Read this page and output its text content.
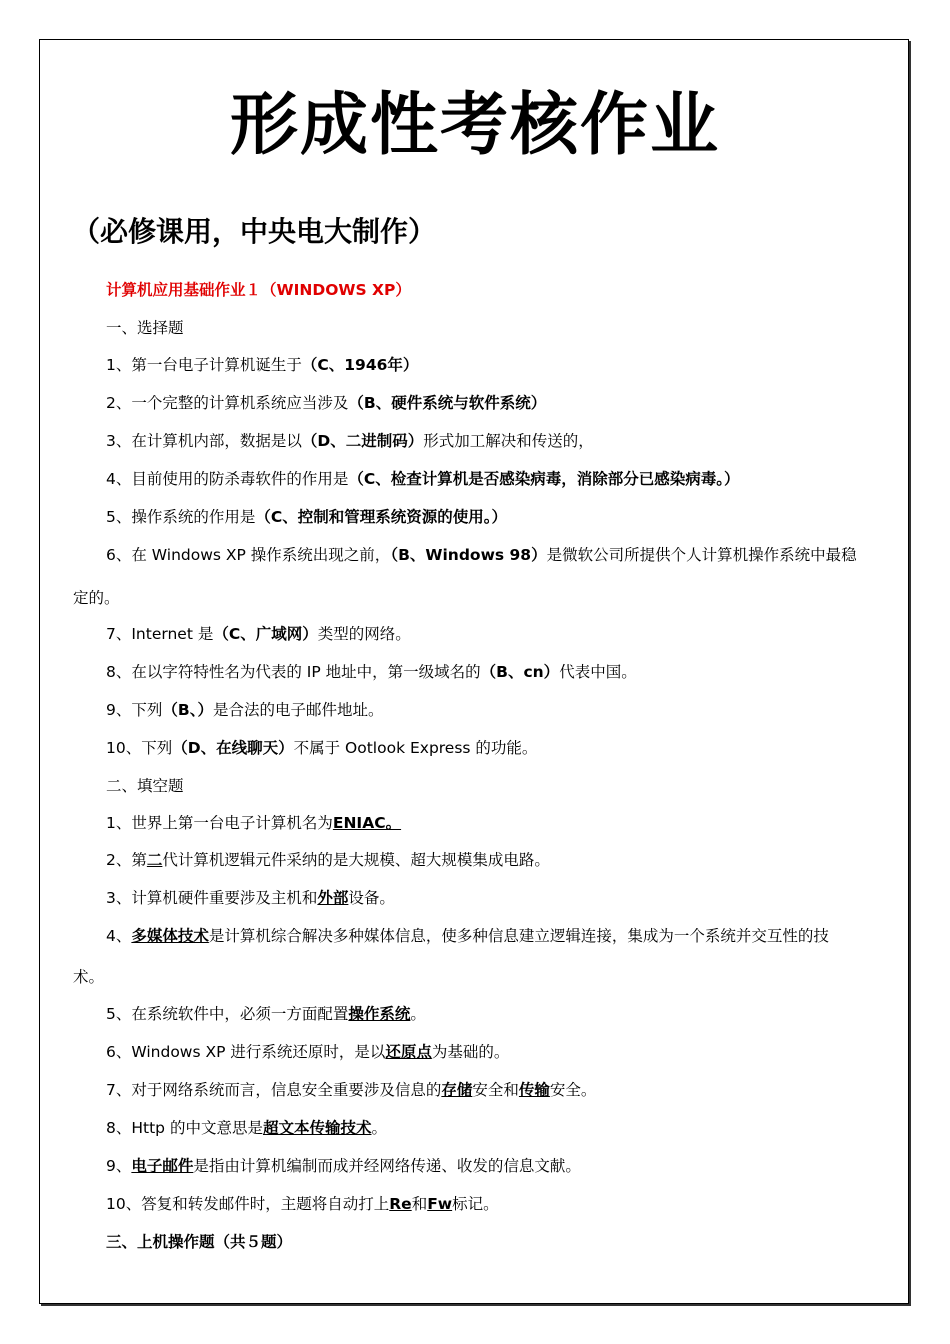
形成性考核作业
（必修课用，中央电大制作）
计算机应用基础作业１（WINDOWS XP）
一、选择题
1、第一台电子计算机诞生于（C、1946年）
2、一个完整的计算机系统应当涉及（B、硬件系统与软件系统）
3、在计算机内部，数据是以（D、二进制码）形式加工解决和传送的，
4、目前使用的防杀毒软件的作用是（C、检查计算机是否感染病毒，消除部分已感染病毒。）
5、操作系统的作用是（C、控制和管理系统资源的使用。）
6、在 Windows XP 操作系统出现之前，（B、Windows 98）是微软公司所提供个人计算机操作系统中最稳
定的。
7、Internet 是（C、广域网）类型的网络。
8、在以字符特性名为代表的 IP 地址中，第一级域名的（B、cn）代表中国。
9、下列（B、）是合法的电子邮件地址。
10、下列（D、在线聊天）不属于 Ootlook Express 的功能。
二、填空题
1、世界上第一台电子计算机名为ENIAC。
2、第二代计算机逻辑元件采纳的是大规模、超大规模集成电路。
3、计算机硬件重要涉及主机和外部设备。
4、多媒体技术是计算机综合解决多种媒体信息，使多种信息建立逻辑连接，集成为一个系统并交互性的技
术。
5、在系统软件中，必须一方面配置操作系统。
6、Windows XP 进行系统还原时，是以还原点为基础的。
7、对于网络系统而言，信息安全重要涉及信息的存储安全和传输安全。
8、Http 的中文意思是超文本传输技术。
9、电子邮件是指由计算机编制而成并经网络传递、收发的信息文献。
10、答复和转发邮件时，主题将自动打上Re和Fw标记。
三、上机操作题（共５题）
